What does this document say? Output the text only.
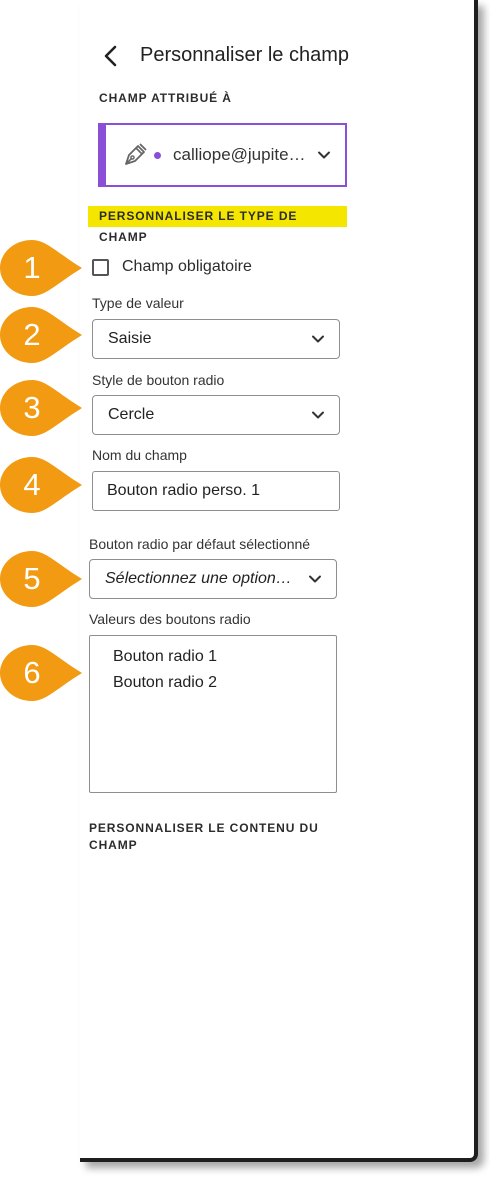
Personnaliser le champ
CHAMP ATTRIBUÉ À
calliope@jupite…
PERSONNALISER LE TYPE DE CHAMP
Champ obligatoire
Type de valeur
Saisie
Style de bouton radio
Cercle
Nom du champ
Bouton radio perso. 1
Bouton radio par défaut sélectionné
Sélectionnez une option…
Valeurs des boutons radio
Bouton radio 1
Bouton radio 2
PERSONNALISER LE CONTENU DU CHAMP
1
2
3
4
5
6
